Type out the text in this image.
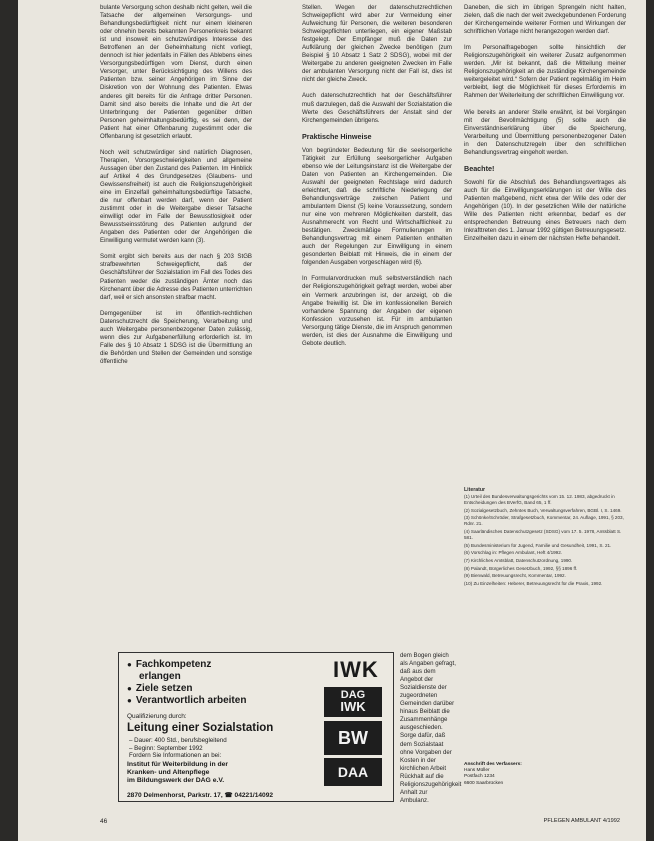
bulante Versorgung schon deshalb nicht gelten, weil die Tatsache der allgemeinen Versorgungs- und Behandlungsbedürftigkeit nicht nur einem kleineren oder ohnehin bereits bekannten Personenkreis bekannt ist und insoweit ein schutzwürdiges Interesse des Betroffenen an der Geheimhaltung nicht vorliegt, dennoch ist hier jedenfalls in Fällen des Ablebens eines Versorgungsbedürftigen vom Dienst, durch einen Versorger, unter Berücksichtigung des Willens des Patienten bzw. seiner Angehörigen im Sinne der Diskretion von der Wohnung des Patienten. Etwas anderes gilt bereits für die Anfrage dritter Personen. Damit sind also bereits die Inhalte und die Art der Unterbringung der Patienten gegenüber dritten Personen geheimhaltungsbedürftig, es sei denn, der Patient hat einer Offenbarung zugestimmt oder die Offenbarung ist gesetzlich erlaubt.

Noch weit schutzwürdiger sind natürlich Diagnosen, Therapien, Vorsorgeschwierigkeiten und allgemeine Aussagen über den Zustand des Patienten. Im Hinblick auf Artikel 4 des Grundgesetzes (Glaubens- und Gewissensfreiheit) ist auch die Religionszugehörigkeit eine im Einzelfall geheimhaltungsbedürftige Tatsache, die nur offenbart werden darf, wenn der Patient zustimmt oder in die Weitergabe dieser Tatsache einwilligt oder im Falle der Bewusstlosigkeit oder Bewusstseinsstörung des Patienten aufgrund der Angaben des Patienten oder der Angehörigen die Einwilligung vermutet werden kann (3).

Somit ergibt sich bereits aus der nach § 203 StGB strafbewehrten Schweigepflicht, daß der Geschäftsführer der Sozialstation im Fall des Todes des Patienten weder die zuständigen Ämter noch das Kirchenamt über die Adresse des Patienten unterrichten darf, weil er sich ansonsten strafbar macht.

Demgegenüber ist im öffentlich-rechtlichen Datenschutzrecht die Speicherung, Verarbeitung und auch Weitergabe personenbezogener Daten zulässig, wenn dies zur Aufgabenerfüllung erforderlich ist. Im Falle des § 10 Absatz 1 SDSG ist die Übermittlung an die Behörden und Stellen der Gemeinden und sonstige öffentliche

Stellen. Wegen der datenschutzrechtlichen Schweigepflicht wird aber zur Vermeidung einer Aufweichung für Personen, die weiteren besonderen Schweigepflichten unterliegen, ein eigener Maßstab festgelegt. Der Empfänger muß die Daten zur Aufklärung der gleichen Zwecke benötigen (zum Beispiel § 10 Absatz 1 Satz 2 SDSG), wobei mit der Weitergabe zu anderen geeigneten Zwecken im Falle der ambulanten Versorgung nicht der Fall ist, dies ist nicht der gleiche Zweck.

Auch datenschutzrechtlich hat der Geschäftsführer muß darzulegen, daß die Auswahl der Sozialstation die Werte des Geschäftsführers der Anstalt sind der Kirchengemeinden übrigens.

Praktische Hinweise

Von begründeter Bedeutung für die seelsorgerliche Tätigkeit zur Erfüllung seelsorgerlicher Aufgaben ebenso wie der Leitungsinstanz ist die Weitergabe der Daten von Patienten an Kirchengemeinden. Die Auswahl der geeigneten Rechtslage wird dadurch erleichtert, daß die schriftliche Niederlegung der Behandlungsverträge zwischen Patient und ambulantem Dienst (5) keine Voraussetzung, sondern nur eine von mehreren Möglichkeiten darstellt, das Ausnahmerecht von Recht und Wirtschaftlichkeit zu bestätigen. Zweckmäßige Formulierungen im Behandlungsvertrag mit einem Patienten enthalten auch der Regelungen zur Einwilligung in einem gesonderten Beiblatt mit Hinweis, die in einem der folgenden Ausgaben vorgeschlagen wird (6).

In Formularvordrucken muß selbstverständlich nach der Religionszugehörigkeit gefragt werden, wobei aber ein Vermerk anzubringen ist, der anzeigt, ob die Angabe freiwillig ist. Die im konfessionellen Bereich vorhandene Spannung der Angaben der eigenen Konfession vorzusehen ist. Für im ambulanten Versorgung tätige Dienste, die im Anspruch genommen werden, ist dies der Ausnahme die Einwilligung und Gebote deutlich.

dem Bogen gleich als Angaben gefragt, daß aus dem Angebot der Sozialdienste der zugeordneten Gemeinden darüber hinaus Beiblatt die Zusammenhänge ausgeschieden. Sorge dafür, daß dem Sozialstaat ohne Vorgaben der Kosten in der kirchlichen Arbeit Rückhalt auf die Religionszugehörigkeit Anhalt zur Ambulanz.

Daneben, die sich im übrigen Sprengeln nicht halten, zielen, daß die nach der weit zweckgebundenen Forderung der Kirchengemeinde weiterer Formen und Wirkungen der schriftlichen Vorlage nicht herangezogen werden darf.

Im Personalfragebogen sollte hinsichtlich der Religionszugehörigkeit ein weiterer Zusatz aufgenommen werden. „Mir ist bekannt, daß die Mitteilung meiner Religionszugehörigkeit an die zuständige Kirchengemeinde weitergeleitet wird.“ Sofern der Patient regelmäßig im Heim verbleibt, liegt die Möglichkeit für dieses Erfordernis im Rahmen der Weiterleitung der schriftlichen Einwilligung vor.

Wie bereits an anderer Stelle erwähnt, ist bei Vorgängen mit der Bevollmächtigung (5) sollte auch die Einverständniserklärung über die Speicherung, Verarbeitung und Übermittlung personenbezogener Daten in den Datenschutzregeln über den schriftlichen Behandlungsvertrag eingeholt werden.

Beachte!

Sowohl für die Abschluß des Behandlungsvertrages als auch für die Einwilligungserklärungen ist der Wille des Patienten maßgebend, nicht etwa der Wille des oder der Angehörigen (10). In der gesetzlichen Wille der natürliche Wille des Patienten nicht erkennbar, bedarf es der entsprechenden Betreuung eines Betreuers nach dem Inkrafttreten des 1. Januar 1992 gültigen Betreuungsgesetz. Einzelheiten dazu in einem der nächsten Hefte behandelt.

Literatur

(1) Urteil des Bundesverwaltungsgerichts vom 15. 12. 1983, abgedruckt in Entscheidungen des BVerfG, Band 65, 1 ff.

(2) Sozialgesetzbuch, Zehntes Buch, Verwaltungsverfahren, BGBl. I, S. 1469.

(3) Schönke/Schröder, Strafgesetzbuch, Kommentar, 24. Auflage, 1991, § 203, Rdnr. 21.

(4) Saarländisches Datenschutzgesetz (SDSG) vom 17. 5. 1978, Amtsblatt S. 581.

(5) Bundesministerium für Jugend, Familie und Gesundheit, 1991, S. 21.

(6) Vorschlag in: Pflegen Ambulant, Heft 4/1992.

(7) Kirchliches Amtsblatt, Datenschutzordnung, 1990.

(8) Palandt, Bürgerliches Gesetzbuch, 1992, §§ 1896 ff.

(9) Bienwald, Betreuungsrecht, Kommentar, 1992.

(10) Zu Einzelheiten: Heberer, Betreuungsrecht für die Praxis, 1992.

Anschrift des Verfassers:
Hans Müller
Postfach 1234
6600 Saarbrücken
● Fachkompetenz
erlangen
● Ziele setzen
● Verantwortlich arbeiten
Qualifizierung durch:
Leitung einer Sozialstation
– Dauer: 400 Std., berufsbegleitend
– Beginn: September 1992
Fordern Sie Informationen an bei:
Institut für Weiterbildung in der
Kranken- und Altenpflege
im Bildungswerk der DAG e.V.
2870 Delmenhorst, Parkstr. 17, ☎ 04221/14092
IWK
DAG
IWK
BW
DAA
46	PFLEGEN AMBULANT 4/1992
